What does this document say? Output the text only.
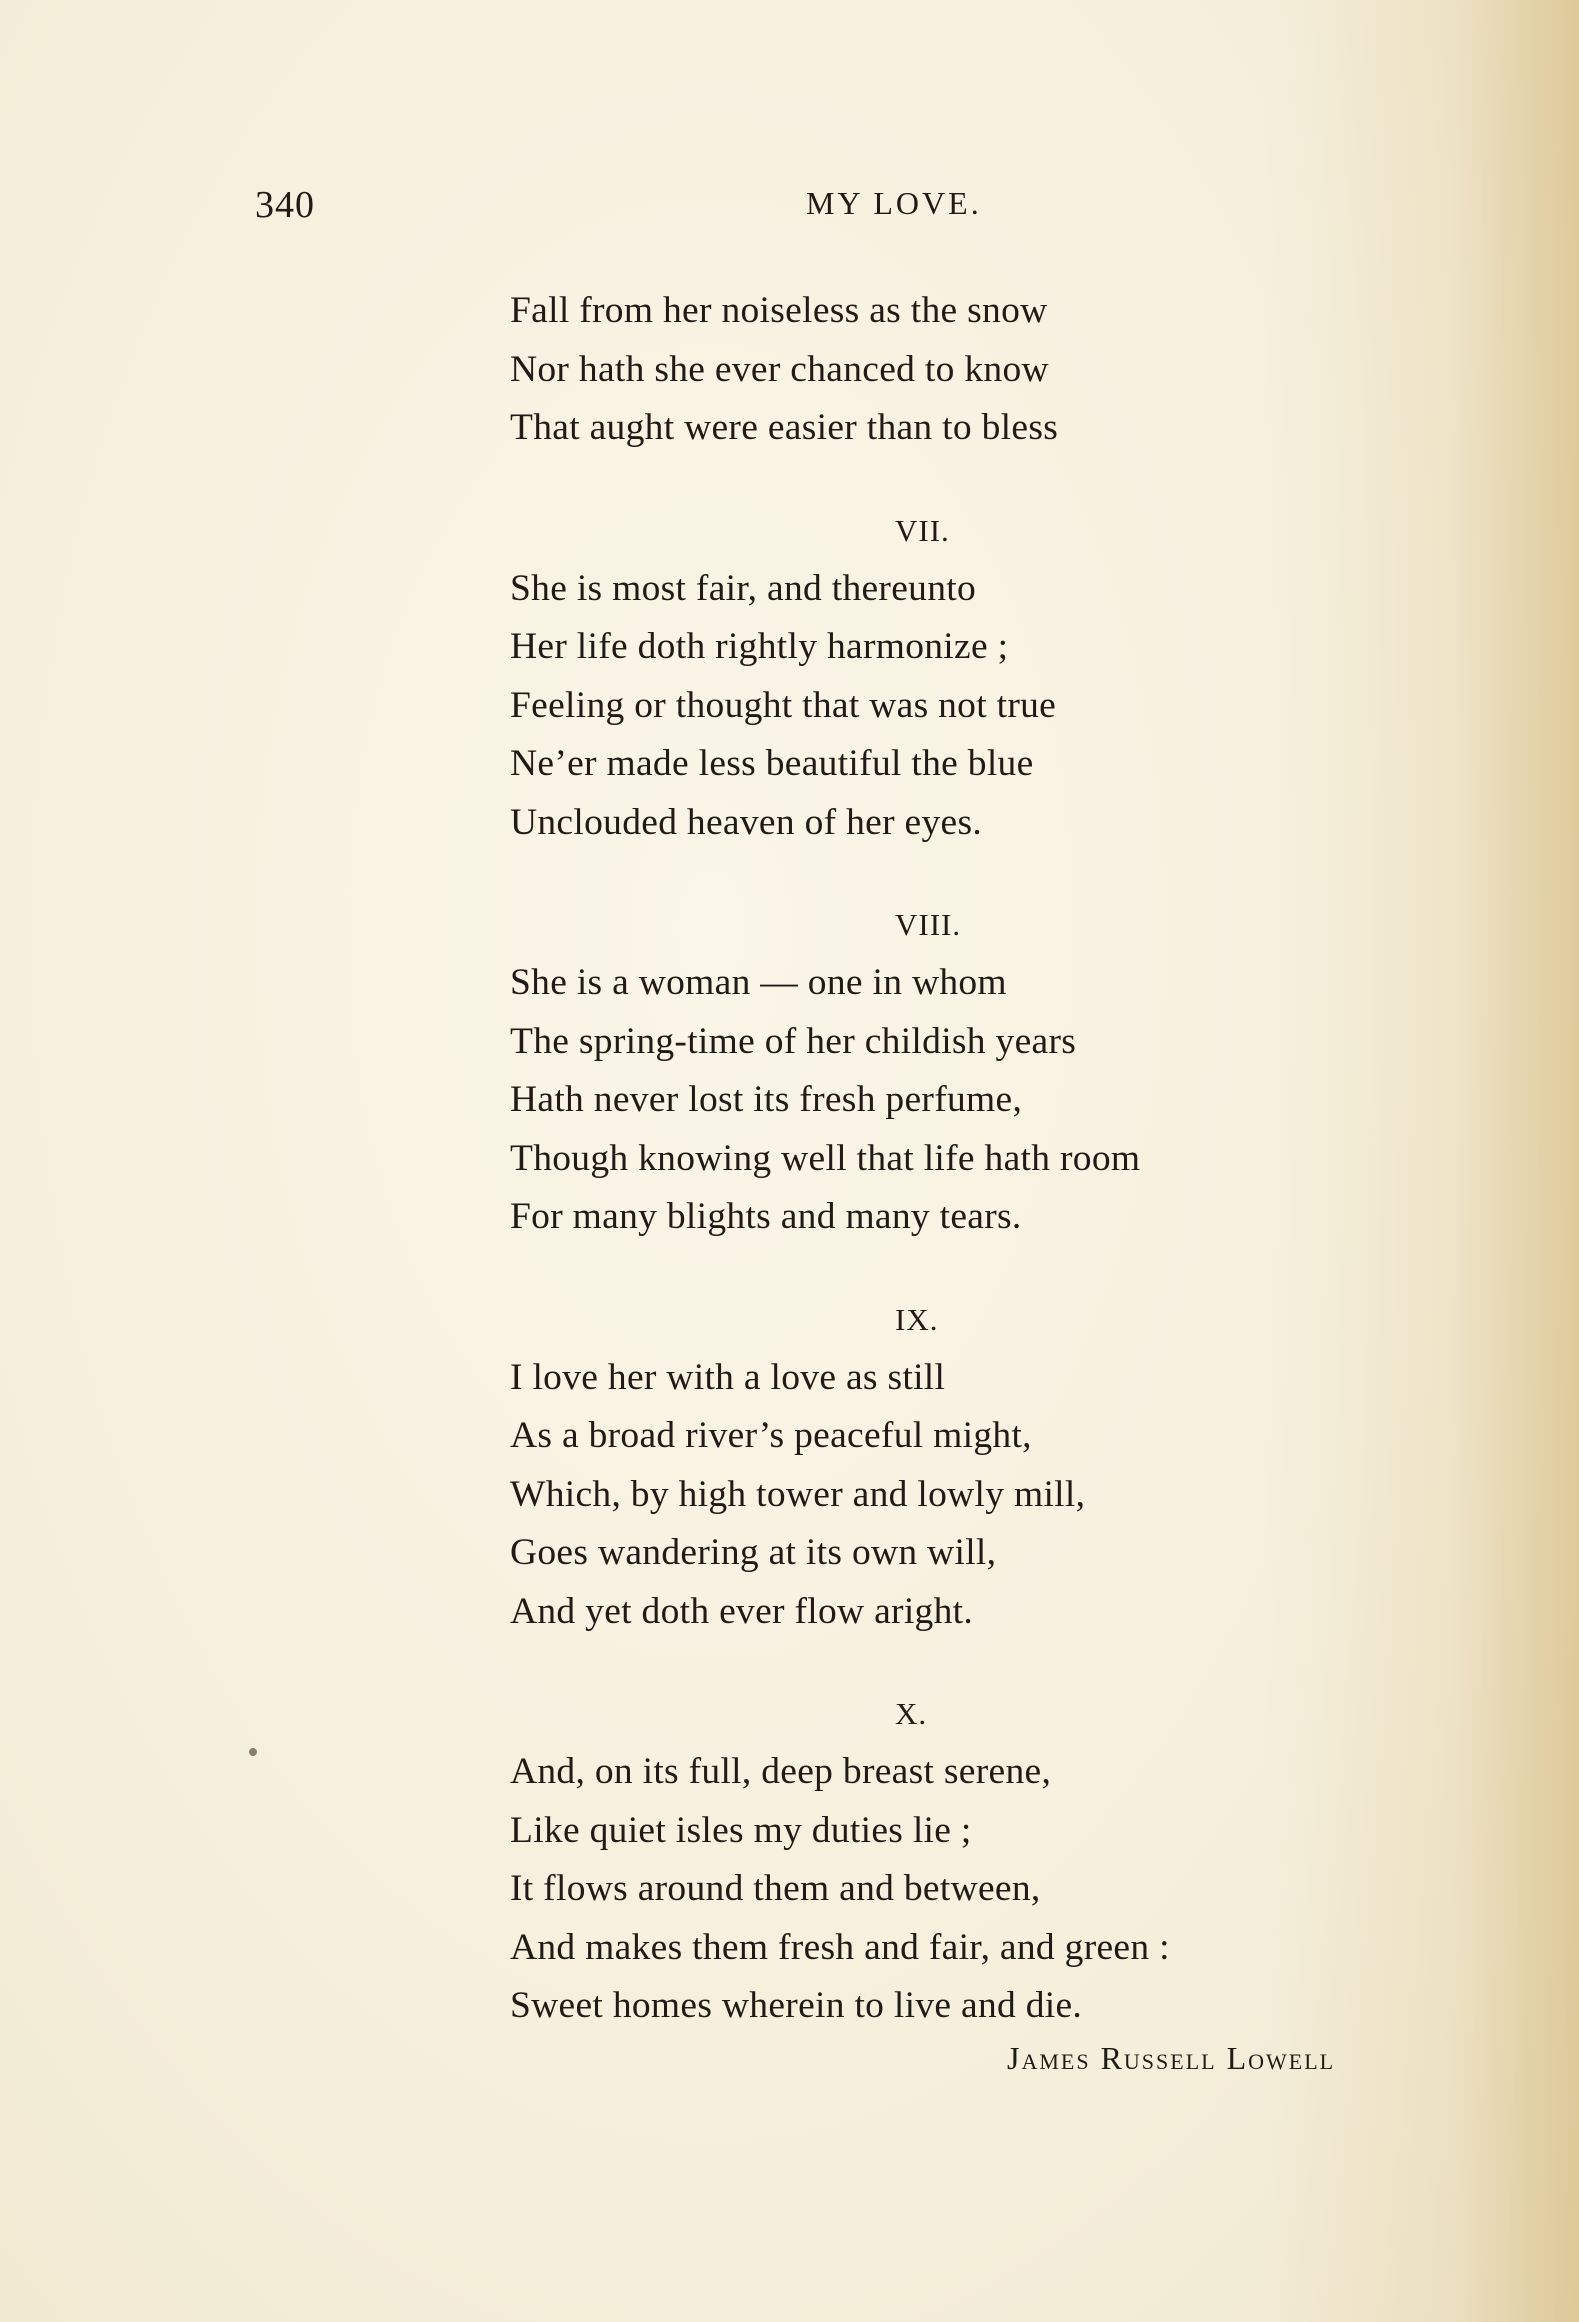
340	MY LOVE.
Fall from her noiseless as the snow
Nor hath she ever chanced to know
That aught were easier than to bless
VII.
She is most fair, and thereunto
Her life doth rightly harmonize ;
Feeling or thought that was not true
Ne’er made less beautiful the blue
Unclouded heaven of her eyes.
VIII.
She is a woman — one in whom
The spring-time of her childish years
Hath never lost its fresh perfume,
Though knowing well that life hath room
For many blights and many tears.
IX.
I love her with a love as still
As a broad river’s peaceful might,
Which, by high tower and lowly mill,
Goes wandering at its own will,
And yet doth ever flow aright.
X.
And, on its full, deep breast serene,
Like quiet isles my duties lie ;
It flows around them and between,
And makes them fresh and fair, and green :
Sweet homes wherein to live and die.
James Russell Lowell
